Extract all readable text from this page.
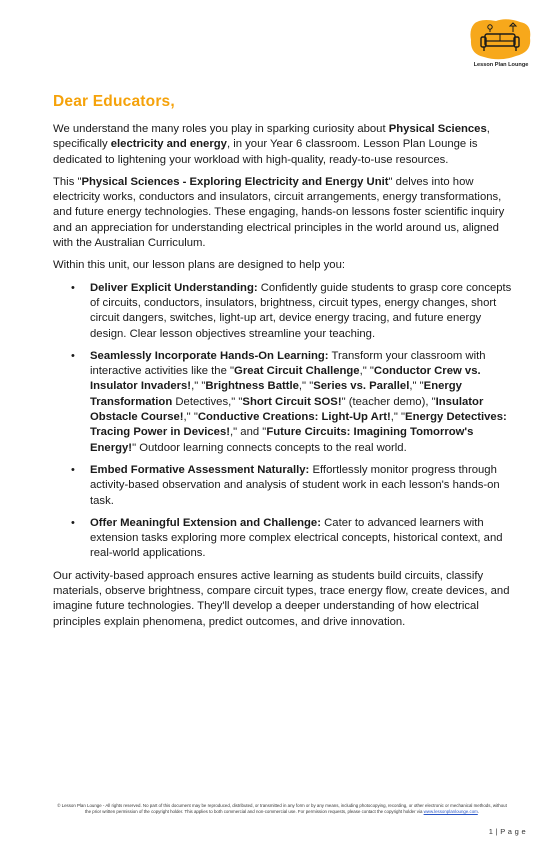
Lesson Plan Lounge
Dear Educators,

We understand the many roles you play in sparking curiosity about Physical Sciences, specifically electricity and energy, in your Year 6 classroom. Lesson Plan Lounge is dedicated to lightening your workload with high-quality, ready-to-use resources.

This "Physical Sciences - Exploring Electricity and Energy Unit" delves into how electricity works, conductors and insulators, circuit arrangements, energy transformations, and future energy technologies. These engaging, hands-on lessons foster scientific inquiry and an appreciation for understanding electrical principles in the world around us, aligned with the Australian Curriculum.

Within this unit, our lesson plans are designed to help you:

• Deliver Explicit Understanding: Confidently guide students to grasp core concepts of circuits, conductors, insulators, brightness, circuit types, energy changes, short circuit dangers, switches, light-up art, device energy tracing, and future energy design. Clear lesson objectives streamline your teaching.
• Seamlessly Incorporate Hands-On Learning: Transform your classroom with interactive activities like the "Great Circuit Challenge," "Conductor Crew vs. Insulator Invaders!," "Brightness Battle," "Series vs. Parallel," "Energy Transformation Detectives," "Short Circuit SOS!" (teacher demo), "Insulator Obstacle Course!," "Conductive Creations: Light-Up Art!," "Energy Detectives: Tracing Power in Devices!," and "Future Circuits: Imagining Tomorrow's Energy!" Outdoor learning connects concepts to the real world.
• Embed Formative Assessment Naturally: Effortlessly monitor progress through activity-based observation and analysis of student work in each lesson's hands-on task.
• Offer Meaningful Extension and Challenge: Cater to advanced learners with extension tasks exploring more complex electrical concepts, historical context, and real-world applications.

Our activity-based approach ensures active learning as students build circuits, classify materials, observe brightness, compare circuit types, trace energy flow, create devices, and imagine future technologies. They'll develop a deeper understanding of how electrical principles explain phenomena, predict outcomes, and drive innovation.

© Lesson Plan Lounge - All rights reserved. No part of this document may be reproduced, distributed, or transmitted in any form or by any means, including photocopying, recording, or other electronic or mechanical methods, without the prior written permission of the copyright holder. This applies to both commercial and non-commercial use. For permission requests, please contact the copyright holder via www.lessonplanlounge.com.
1 | P a g e
